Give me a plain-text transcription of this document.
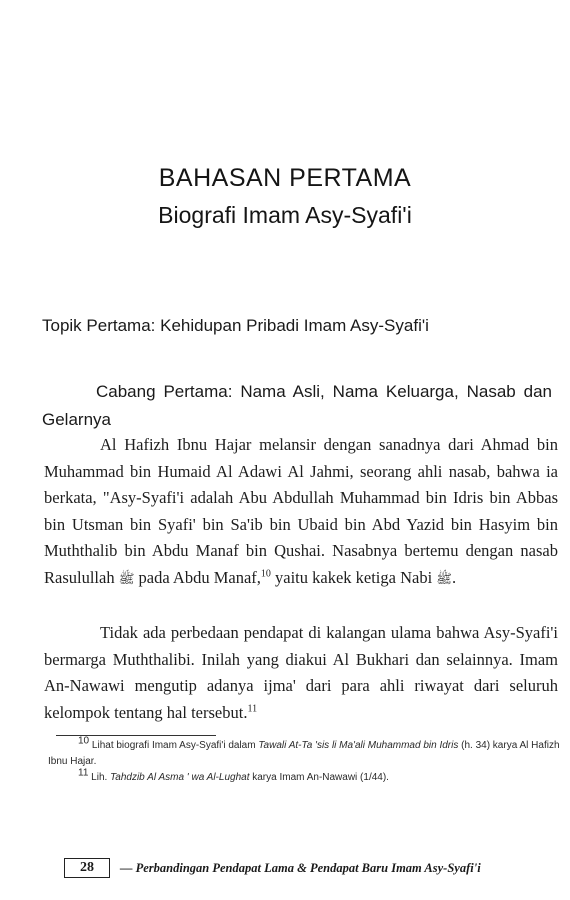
BAHASAN PERTAMA
Biografi Imam Asy-Syafi'i
Topik Pertama: Kehidupan Pribadi Imam Asy-Syafi'i
Cabang Pertama: Nama Asli, Nama Keluarga, Nasab dan Gelarnya

Al Hafizh Ibnu Hajar melansir dengan sanadnya dari Ahmad bin Muhammad bin Humaid Al Adawi Al Jahmi, seorang ahli nasab, bahwa ia berkata, "Asy-Syafi'i adalah Abu Abdullah Muhammad bin Idris bin Abbas bin Utsman bin Syafi' bin Sa'ib bin Ubaid bin Abd Yazid bin Hasyim bin Muththalib bin Abdu Manaf bin Qushai. Nasabnya bertemu dengan nasab Rasulullah ﷺ pada Abdu Manaf,$^{10}$ yaitu kakek ketiga Nabi ﷺ.

Tidak ada perbedaan pendapat di kalangan ulama bahwa Asy-Syafi'i bermarga Muththalibi. Inilah yang diakui Al Bukhari dan selainnya. Imam An-Nawawi mengutip adanya ijma' dari para ahli riwayat dari seluruh kelompok tentang hal tersebut.$^{11}$

$^{10}$ Lihat biografi Imam Asy-Syafi'i dalam Tawali At-Ta 'sis li Ma'ali Muhammad bin Idris (h. 34) karya Al Hafizh Ibnu Hajar.
$^{11}$ Lih. Tahdzib Al Asma ' wa Al-Lughat karya Imam An-Nawawi (1/44).
28	— Perbandingan Pendapat Lama & Pendapat Baru Imam Asy-Syafi'i
